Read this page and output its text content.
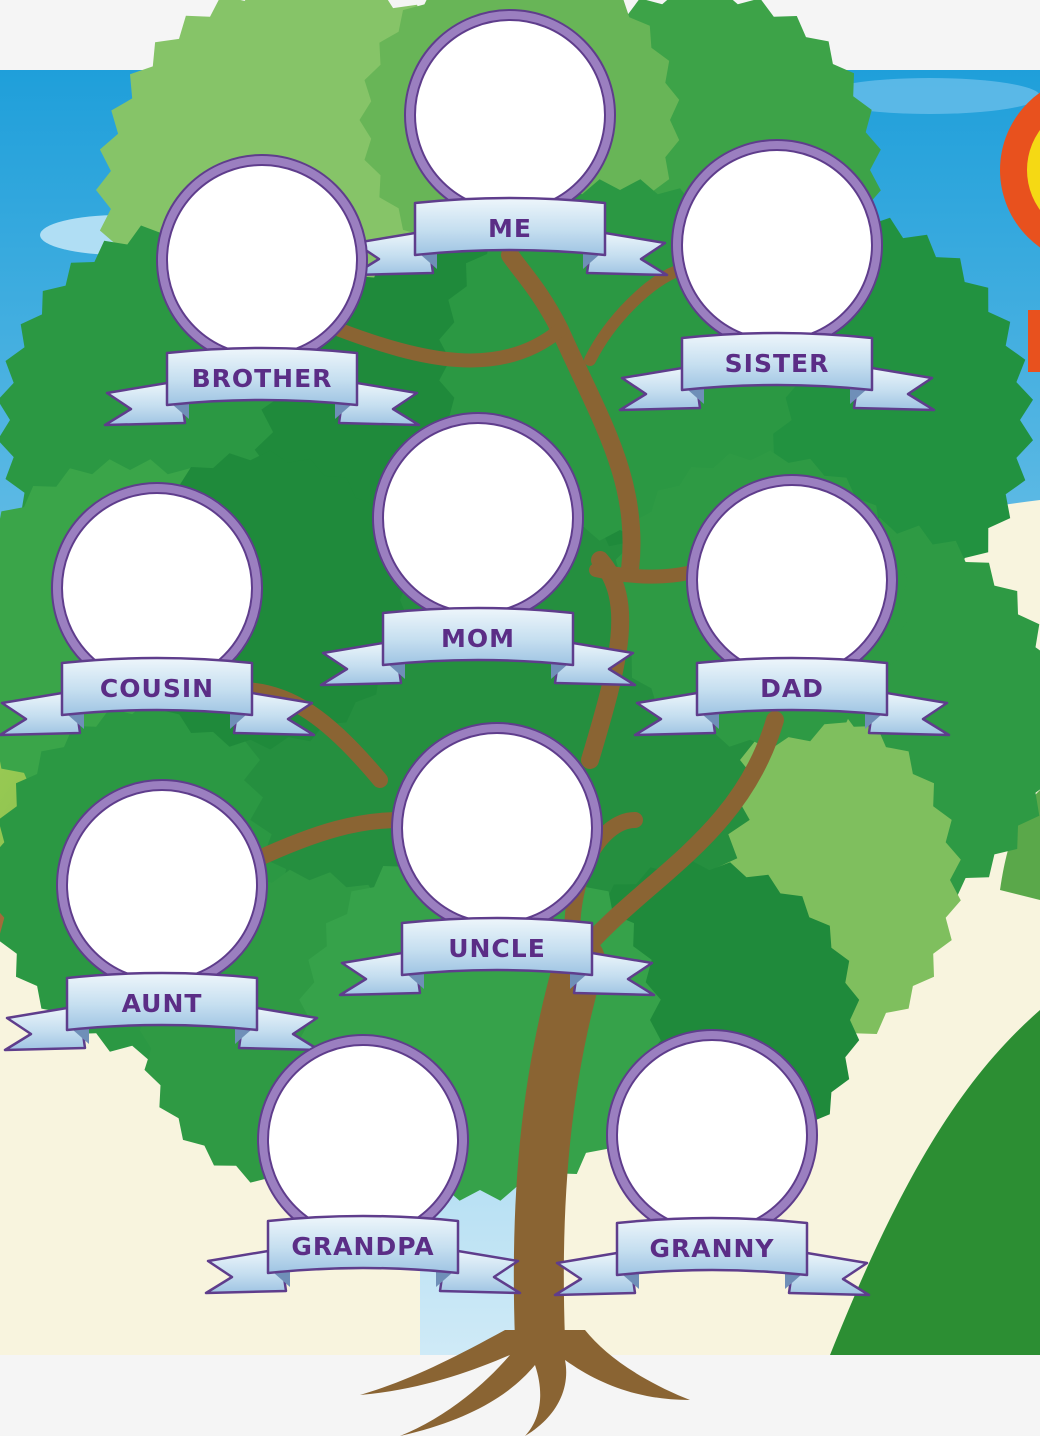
ME
BROTHER
SISTER
MOM
COUSIN	DAD
UNCLE
AUNT
GRANDPA	GRANNY
